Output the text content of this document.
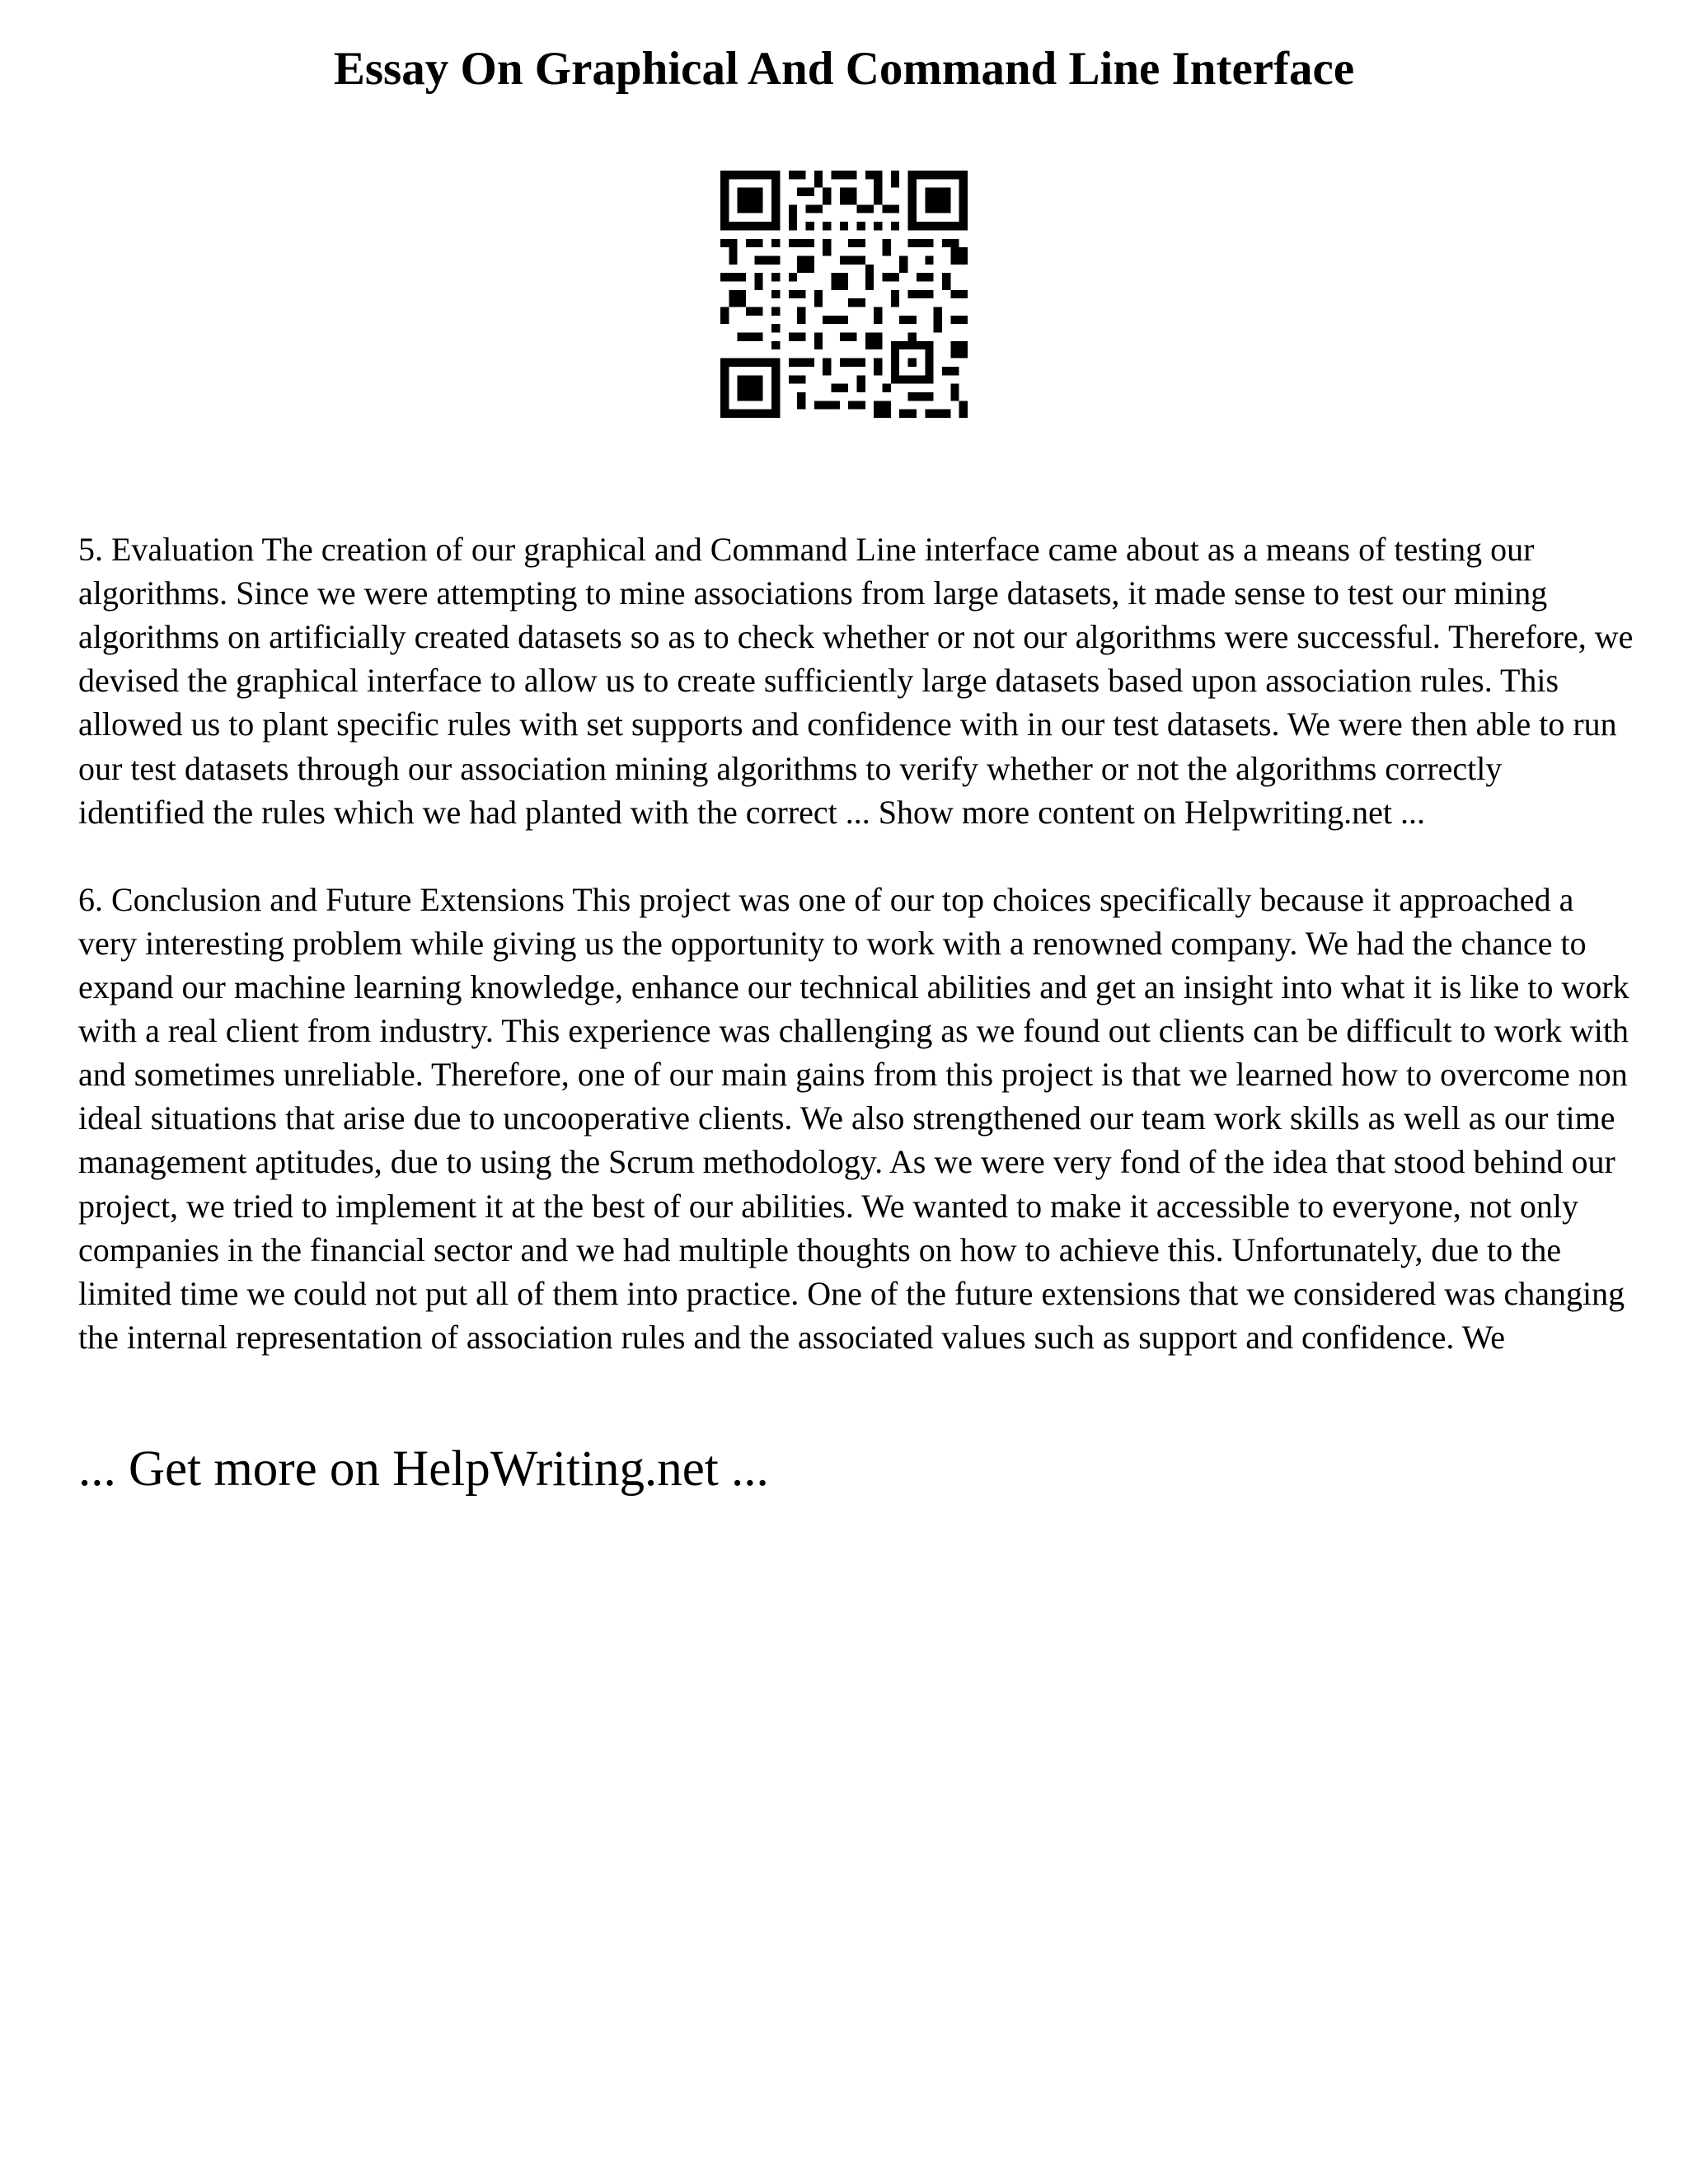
Essay On Graphical And Command Line Interface

5. Evaluation The creation of our graphical and Command Line interface came about as a means of testing our algorithms. Since we were attempting to mine associations from large datasets, it made sense to test our mining algorithms on artificially created datasets so as to check whether or not our algorithms were successful. Therefore, we devised the graphical interface to allow us to create sufficiently large datasets based upon association rules. This allowed us to plant specific rules with set supports and confidence with in our test datasets. We were then able to run our test datasets through our association mining algorithms to verify whether or not the algorithms correctly identified the rules which we had planted with the correct ... Show more content on Helpwriting.net ...

6. Conclusion and Future Extensions This project was one of our top choices specifically because it approached a very interesting problem while giving us the opportunity to work with a renowned company. We had the chance to expand our machine learning knowledge, enhance our technical abilities and get an insight into what it is like to work with a real client from industry. This experience was challenging as we found out clients can be difficult to work with and sometimes unreliable. Therefore, one of our main gains from this project is that we learned how to overcome non ideal situations that arise due to uncooperative clients. We also strengthened our team work skills as well as our time management aptitudes, due to using the Scrum methodology. As we were very fond of the idea that stood behind our project, we tried to implement it at the best of our abilities. We wanted to make it accessible to everyone, not only companies in the financial sector and we had multiple thoughts on how to achieve this. Unfortunately, due to the limited time we could not put all of them into practice. One of the future extensions that we considered was changing the internal representation of association rules and the associated values such as support and confidence. We

... Get more on HelpWriting.net ...
